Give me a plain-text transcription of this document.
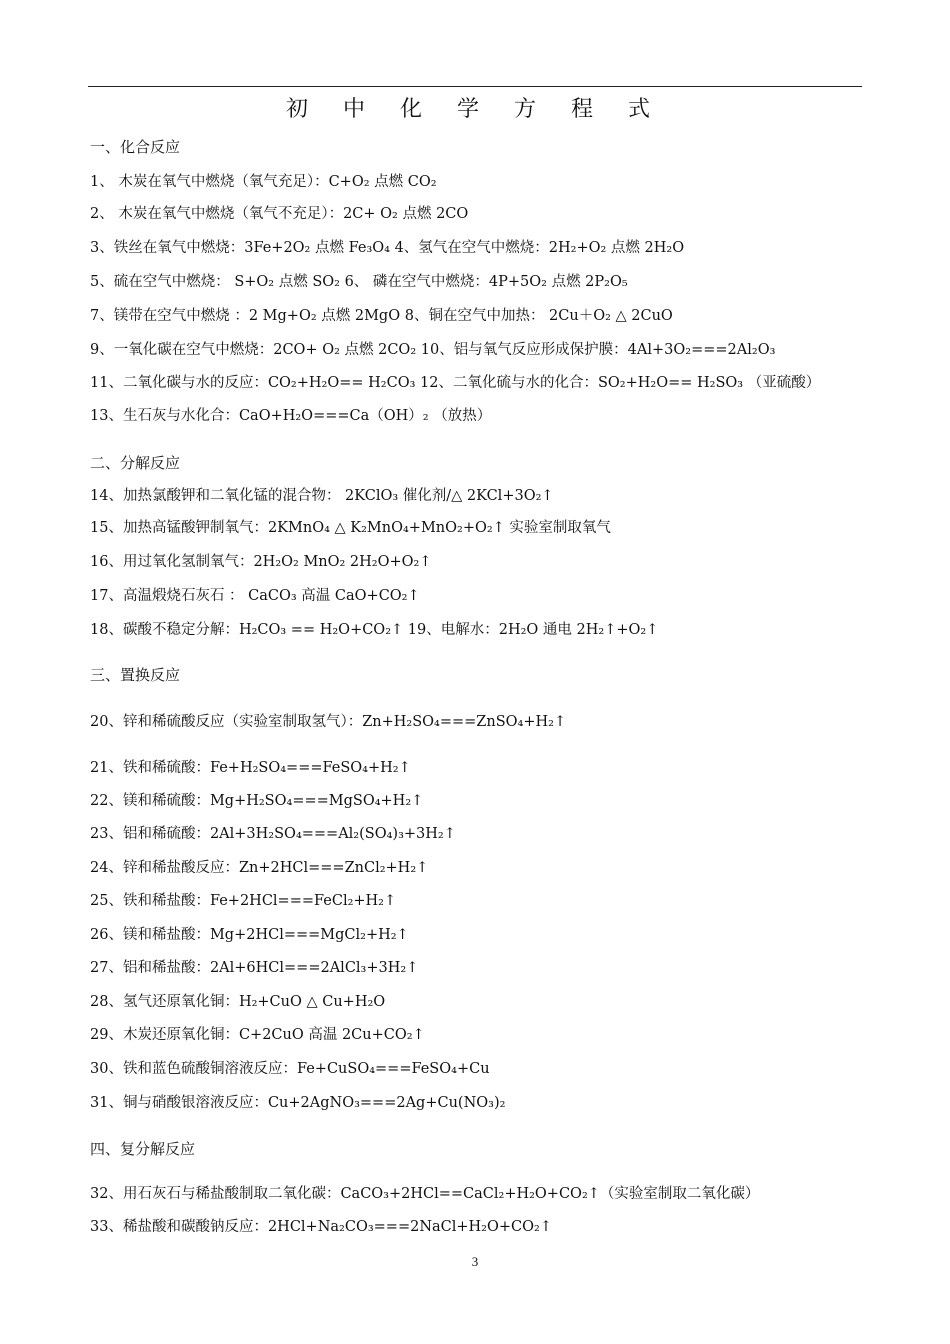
初 中 化 学 方 程 式
一、化合反应
1、 木炭在氧气中燃烧（氧气充足）：C+O₂ 点燃 CO₂
2、 木炭在氧气中燃烧（氧气不充足）：2C+ O₂ 点燃 2CO
3、铁丝在氧气中燃烧：3Fe+2O₂ 点燃 Fe₃O₄ 4、氢气在空气中燃烧：2H₂+O₂ 点燃 2H₂O
5、硫在空气中燃烧： S+O₂ 点燃 SO₂ 6、 磷在空气中燃烧：4P+5O₂ 点燃 2P₂O₅
7、镁带在空气中燃烧 ：2 Mg+O₂ 点燃 2MgO 8、铜在空气中加热： 2Cu＋O₂ △ 2CuO
9、一氧化碳在空气中燃烧：2CO+ O₂ 点燃 2CO₂ 10、铝与氧气反应形成保护膜：4Al+3O₂===2Al₂O₃
11、二氧化碳与水的反应：CO₂+H₂O== H₂CO₃ 12、二氧化硫与水的化合：SO₂+H₂O== H₂SO₃ （亚硫酸）
13、生石灰与水化合：CaO+H₂O===Ca（OH）₂ （放热）
二、分解反应
14、加热氯酸钾和二氧化锰的混合物： 2KClO₃ 催化剂/△ 2KCl+3O₂↑
15、加热高锰酸钾制氧气：2KMnO₄ △ K₂MnO₄+MnO₂+O₂↑ 实验室制取氧气
16、用过氧化氢制氧气：2H₂O₂ MnO₂ 2H₂O+O₂↑
17、高温煅烧石灰石 ： CaCO₃ 高温 CaO+CO₂↑
18、碳酸不稳定分解：H₂CO₃ == H₂O+CO₂↑ 19、电解水：2H₂O 通电 2H₂↑+O₂↑
三、置换反应
20、锌和稀硫酸反应（实验室制取氢气）：Zn+H₂SO₄===ZnSO₄+H₂↑
21、铁和稀硫酸：Fe+H₂SO₄===FeSO₄+H₂↑
22、镁和稀硫酸：Mg+H₂SO₄===MgSO₄+H₂↑
23、铝和稀硫酸：2Al+3H₂SO₄===Al₂(SO₄)₃+3H₂↑
24、锌和稀盐酸反应：Zn+2HCl===ZnCl₂+H₂↑
25、铁和稀盐酸：Fe+2HCl===FeCl₂+H₂↑
26、镁和稀盐酸：Mg+2HCl===MgCl₂+H₂↑
27、铝和稀盐酸：2Al+6HCl===2AlCl₃+3H₂↑
28、氢气还原氧化铜：H₂+CuO △ Cu+H₂O
29、木炭还原氧化铜：C+2CuO 高温 2Cu+CO₂↑
30、铁和蓝色硫酸铜溶液反应：Fe+CuSO₄===FeSO₄+Cu
31、铜与硝酸银溶液反应：Cu+2AgNO₃===2Ag+Cu(NO₃)₂
四、复分解反应
32、用石灰石与稀盐酸制取二氧化碳：CaCO₃+2HCl==CaCl₂+H₂O+CO₂↑（实验室制取二氧化碳）
33、稀盐酸和碳酸钠反应：2HCl+Na₂CO₃===2NaCl+H₂O+CO₂↑
3
